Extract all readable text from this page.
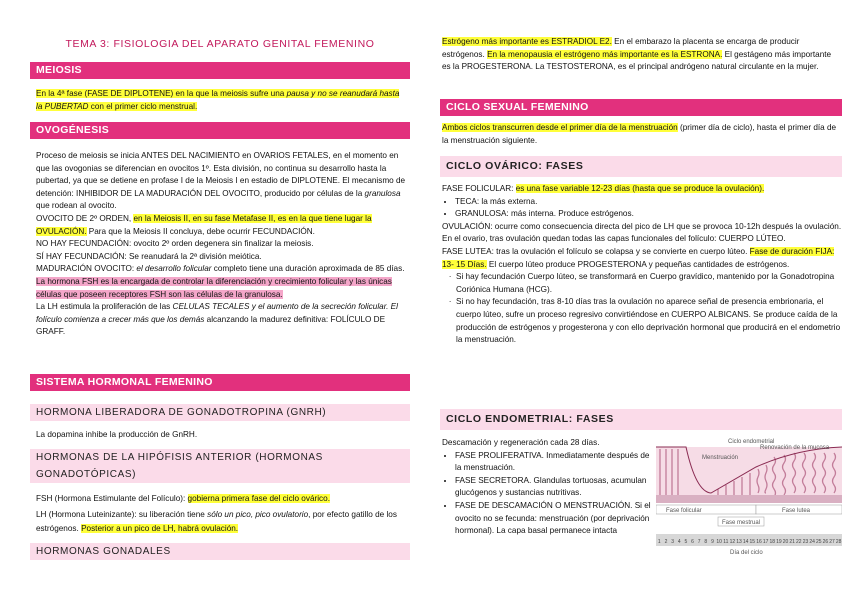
TEMA 3: FISIOLOGIA DEL APARATO GENITAL FEMENINO
MEIOSIS
En la 4ª fase (FASE DE DIPLOTENE) en la que la meiosis sufre una pausa y no se reanudará hasta la PUBERTAD con el primer ciclo menstrual.
OVOGÉNESIS
Proceso de meiosis se inicia ANTES DEL NACIMIENTO en OVARIOS FETALES, en el momento en que las ovogonias se diferencian en ovocitos 1º. Esta división, no continua su desarrollo hasta la pubertad, ya que se detiene en profase I de la Meiosis I en estadio de DIPLOTENE. El mecanismo de detención: INHIBIDOR DE LA MADURACIÓN DEL OVOCITO, producido por células de la granulosa que rodean al ovocito.
OVOCITO DE 2º ORDEN, en la Meiosis II, en su fase Metafase II, es en la que tiene lugar la OVULACIÓN. Para que la Meiosis II concluya, debe ocurrir FECUNDACIÓN.
NO HAY FECUNDACIÓN: ovocito 2º orden degenera sin finalizar la meiosis.
SÍ HAY FECUNDACIÓN: Se reanudará la 2ª división meiótica.
MADURACIÓN OVOCITO: el desarrollo folicular completo tiene una duración aproximada de 85 días. La hormona FSH es la encargada de controlar la diferenciación y crecimiento folicular y las únicas células que poseen receptores FSH son las células de la granulosa.
La LH estimula la proliferación de las CELULAS TECALES y el aumento de la secreción folicular. El folículo comienza a crecer más que los demás alcanzando la madurez definitiva: FOLÍCULO DE GRAFF.
SISTEMA HORMONAL FEMENINO
HORMONA LIBERADORA DE GONADOTROPINA (GNRH)
La dopamina inhibe la producción de GnRH.
HORMONAS DE LA HIPÓFISIS ANTERIOR (HORMONAS GONADOTÓPICAS)
FSH (Hormona Estimulante del Folículo): gobierna primera fase del ciclo ovárico.
LH (Hormona Luteinizante): su liberación tiene sólo un pico, pico ovulatorio, por efecto gatillo de los estrógenos. Posterior a un pico de LH, habrá ovulación.
HORMONAS GONADALES
Estrógeno más importante es ESTRADIOL E2. En el embarazo la placenta se encarga de producir estrógenos. En la menopausia el estrógeno más importante es la ESTRONA. El gestágeno más importante es la PROGESTERONA. La TESTOSTERONA, es el principal andrógeno natural circulante en la mujer.
CICLO SEXUAL FEMENINO
Ambos ciclos transcurren desde el primer día de la menstruación (primer día de ciclo), hasta el primer día de la menstruación siguiente.
CICLO OVÁRICO: FASES
FASE FOLICULAR: es una fase variable 12-23 días (hasta que se produce la ovulación).
• TECA: la más externa.
• GRANULOSA: más interna. Produce estrógenos.
OVULACIÓN: ocurre como consecuencia directa del pico de LH que se provoca 10-12h después la ovulación. En el ovario, tras ovulación quedan todas las capas funcionales del folículo: CUERPO LÚTEO.
FASE LUTEA: tras la ovulación el folículo se colapsa y se convierte en cuerpo lúteo. Fase de duración FIJA: 13- 15 Días. El cuerpo lúteo produce PROGESTERONA y pequeñas cantidades de estrógenos.
· Si hay fecundación Cuerpo lúteo, se transformará en Cuerpo gravídico, mantenido por la Gonadotropina Coriónica Humana (HCG).
· Si no hay fecundación, tras 8-10 días tras la ovulación no aparece señal de presencia embrionaria, el cuerpo lúteo, sufre un proceso regresivo convirtiéndose en CUERPO ALBICANS. Se produce caída de la producción de estrógenos y progesterona y con ello deprivación hormonal que producirá en el endometrio la menstruación.
CICLO ENDOMETRIAL: FASES
Descamación y regeneración cada 28 días.
• FASE PROLIFERATIVA. Inmediatamente después de la menstruación.
• FASE SECRETORA. Glandulas tortuosas, acumulan glucógenos y sustancias nutritivas.
• FASE DE DESCAMACIÓN O MENSTRUACIÓN. Si el ovocito no se fecunda: menstruación (por deprivación hormonal). La capa basal permanece intacta
Ciclo endometrial
Menstruación
Renovación de la mucosa
Fase folicular	Fase lutea
Fase mestrual
1 2 3 4 5 6 7 8 9 10 11 12 13 14 15 16 17 18 19 20 21 22 23 24 25 26 27 28
Día del ciclo
